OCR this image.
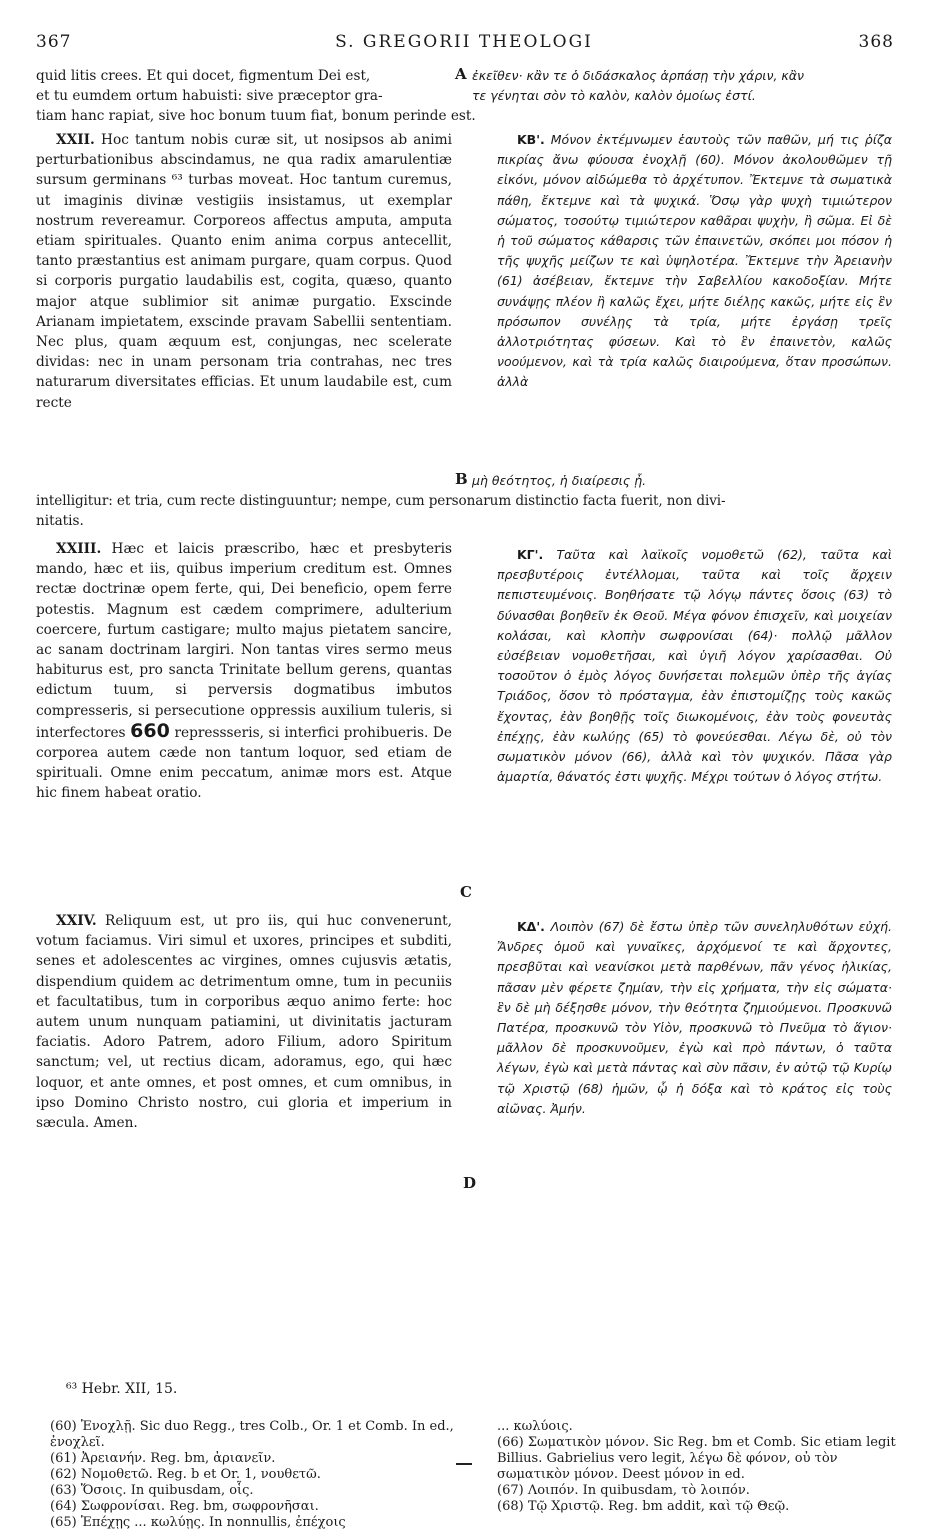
367	S. GREGORII THEOLOGI	368
quid litis crees. Et qui docet, figmentum Dei est,	A ἐκεῖθεν· κἂν τε ὁ διδάσκαλος ἁρπάσῃ τὴν χάριν, κἂν
et tu eumdem ortum habuisti: sive præceptor gra-	τε γένηται σὸν τὸ καλὸν, καλὸν ὁμοίως ἐστί.
tiam hanc rapiat, sive hoc bonum tuum fiat, bonum perinde est.

XXII. Hoc tantum nobis curæ sit, ut nosipsos ab animi perturbationibus abscindamus, ne qua radix amarulentiæ sursum germinans ⁶³ turbas moveat. Hoc tantum curemus, ut imaginis divinæ vestigiis insistamus, ut exemplar nostrum revereamur. Corporeos affectus amputa, amputa etiam spirituales. Quanto enim anima corpus antecellit, tanto præstantius est animam purgare, quam corpus. Quod si corporis purgatio laudabilis est, cogita, quæso, quanto major atque sublimior sit animæ purgatio. Exscinde Arianam impietatem, exscinde pravam Sabellii sententiam. Nec plus, quam æquum est, conjungas, nec scelerate dividas: nec in unam personam tria contrahas, nec tres naturarum diversitates efficias. Et unum laudabile est, cum recte

ΚΒ'. Μόνον ἐκτέμνωμεν ἑαυτοὺς τῶν παθῶν, μή τις ῥίζα πικρίας ἄνω φύουσα ἐνοχλῇ (60). Μόνον ἀκολουθῶμεν τῇ εἰκόνι, μόνον αἰδώμεθα τὸ ἀρχέτυπον. Ἔκτεμνε τὰ σωματικὰ πάθη, ἔκτεμνε καὶ τὰ ψυχικά. Ὅσῳ γὰρ ψυχὴ τιμιώτερον σώματος, τοσούτῳ τιμιώτερον καθᾶραι ψυχὴν, ἢ σῶμα. Εἰ δὲ ἡ τοῦ σώματος κάθαρσις τῶν ἐπαινετῶν, σκόπει μοι πόσον ἡ τῆς ψυχῆς μείζων τε καὶ ὑψηλοτέρα. Ἔκτεμνε τὴν Ἀρειανὴν (61) ἀσέβειαν, ἔκτεμνε τὴν Σαβελλίου κακοδοξίαν. Μήτε συνάψῃς πλέον ἢ καλῶς ἔχει, μήτε διέλῃς κακῶς, μήτε εἰς ἓν πρόσωπον συνέλῃς τὰ τρία, μήτε ἐργάσῃ τρεῖς ἀλλοτριότητας φύσεων. Καὶ τὸ ἓν ἐπαινετὸν, καλῶς νοούμενον, καὶ τὰ τρία καλῶς διαιρούμενα, ὅταν προσώπων. ἀλλὰ

B μὴ θεότητος, ἡ διαίρεσις ᾖ.
intelligitur: et tria, cum recte distinguuntur; nempe, cum personarum distinctio facta fuerit, non divi-
nitatis.

XXIII. Hæc et laicis præscribo, hæc et presbyteris mando, hæc et iis, quibus imperium creditum est. Omnes rectæ doctrinæ opem ferte, qui, Dei beneficio, opem ferre potestis. Magnum est cædem comprimere, adulterium coercere, furtum castigare; multo majus pietatem sancire, ac sanam doctrinam largiri. Non tantas vires sermo meus habiturus est, pro sancta Trinitate bellum gerens, quantas edictum tuum, si perversis dogmatibus imbutos compresseris, si persecutione oppressis auxilium tuleris, si interfectores 660 repressseris, si interfici prohibueris. De corporea autem cæde non tantum loquor, sed etiam de spirituali. Omne enim peccatum, animæ mors est. Atque hic finem habeat oratio.

ΚΓ'. Ταῦτα καὶ λαϊκοῖς νομοθετῶ (62), ταῦτα καὶ πρεσβυτέροις ἐντέλλομαι, ταῦτα καὶ τοῖς ἄρχειν πεπιστευμένοις. Βοηθήσατε τῷ λόγῳ πάντες ὅσοις (63) τὸ δύνασθαι βοηθεῖν ἐκ Θεοῦ. Μέγα φόνον ἐπισχεῖν, καὶ μοιχείαν κολάσαι, καὶ κλοπὴν σωφρονίσαι (64)· πολλῷ μᾶλλον εὐσέβειαν νομοθετῆσαι, καὶ ὑγιῆ λόγον χαρίσασθαι. Οὐ τοσοῦτον ὁ ἐμὸς λόγος δυνήσεται πολεμῶν ὑπὲρ τῆς ἁγίας Τριάδος, ὅσον τὸ πρόσταγμα, ἐὰν ἐπιστομίζῃς τοὺς κακῶς ἔχοντας, ἐὰν βοηθῇς τοῖς διωκομένοις, ἐὰν τοὺς φονευτὰς ἐπέχῃς, ἐὰν κωλύῃς (65) τὸ φονεύεσθαι. Λέγω δὲ, οὐ τὸν σωματικὸν μόνον (66), ἀλλὰ καὶ τὸν ψυχικόν. Πᾶσα γὰρ ἁμαρτία, θάνατός ἐστι ψυχῆς. Μέχρι τούτων ὁ λόγος στήτω.

C

XXIV. Reliquum est, ut pro iis, qui huc convenerunt, votum faciamus. Viri simul et uxores, principes et subditi, senes et adolescentes ac virgines, omnes cujusvis ætatis, dispendium quidem ac detrimentum omne, tum in pecuniis et facultatibus, tum in corporibus æquo animo ferte: hoc autem unum nunquam patiamini, ut divinitatis jacturam faciatis. Adoro Patrem, adoro Filium, adoro Spiritum sanctum; vel, ut rectius dicam, adoramus, ego, qui hæc loquor, et ante omnes, et post omnes, et cum omnibus, in ipso Domino Christo nostro, cui gloria et imperium in sæcula. Amen.

ΚΔ'. Λοιπὸν (67) δὲ ἔστω ὑπὲρ τῶν συνεληλυθότων εὐχή. Ἄνδρες ὁμοῦ καὶ γυναῖκες, ἀρχόμενοί τε καὶ ἄρχοντες, πρεσβῦται καὶ νεανίσκοι μετὰ παρθένων, πᾶν γένος ἡλικίας, πᾶσαν μὲν φέρετε ζημίαν, τὴν εἰς χρήματα, τὴν εἰς σώματα· ἓν δὲ μὴ δέξησθε μόνον, τὴν θεότητα ζημιούμενοι. Προσκυνῶ Πατέρα, προσκυνῶ τὸν Υἱὸν, προσκυνῶ τὸ Πνεῦμα τὸ ἅγιον· μᾶλλον δὲ προσκυνοῦμεν, ἐγὼ καὶ πρὸ πάντων, ὁ ταῦτα λέγων, ἐγὼ καὶ μετὰ πάντας καὶ σὺν πᾶσιν, ἐν αὐτῷ τῷ Κυρίῳ τῷ Χριστῷ (68) ἡμῶν, ᾧ ἡ δόξα καὶ τὸ κράτος εἰς τοὺς αἰῶνας. Ἀμήν.

D
⁶³ Hebr. XII, 15.
(60) Ἐνοχλῇ. Sic duo Regg., tres Colb., Or. 1 et Comb. In ed., ἐνοχλεῖ.
(61) Ἀρειανήν. Reg. bm, ἀριανεῖν.
(62) Νομοθετῶ. Reg. b et Or. 1, νουθετῶ.
(63) Ὅσοις. In quibusdam, οἷς.
(64) Σωφρονίσαι. Reg. bm, σωφρονῆσαι.
(65) Ἐπέχῃς ... κωλύῃς. In nonnullis, ἐπέχοις
... κωλύοις.
(66) Σωματικὸν μόνον. Sic Reg. bm et Comb. Sic etiam legit Billius. Gabrielius vero legit, λέγω δὲ φόνον, οὐ τὸν σωματικὸν μόνον. Deest μόνον in ed.
(67) Λοιπόν. In quibusdam, τὸ λοιπόν.
(68) Τῷ Χριστῷ. Reg. bm addit, καὶ τῷ Θεῷ.
